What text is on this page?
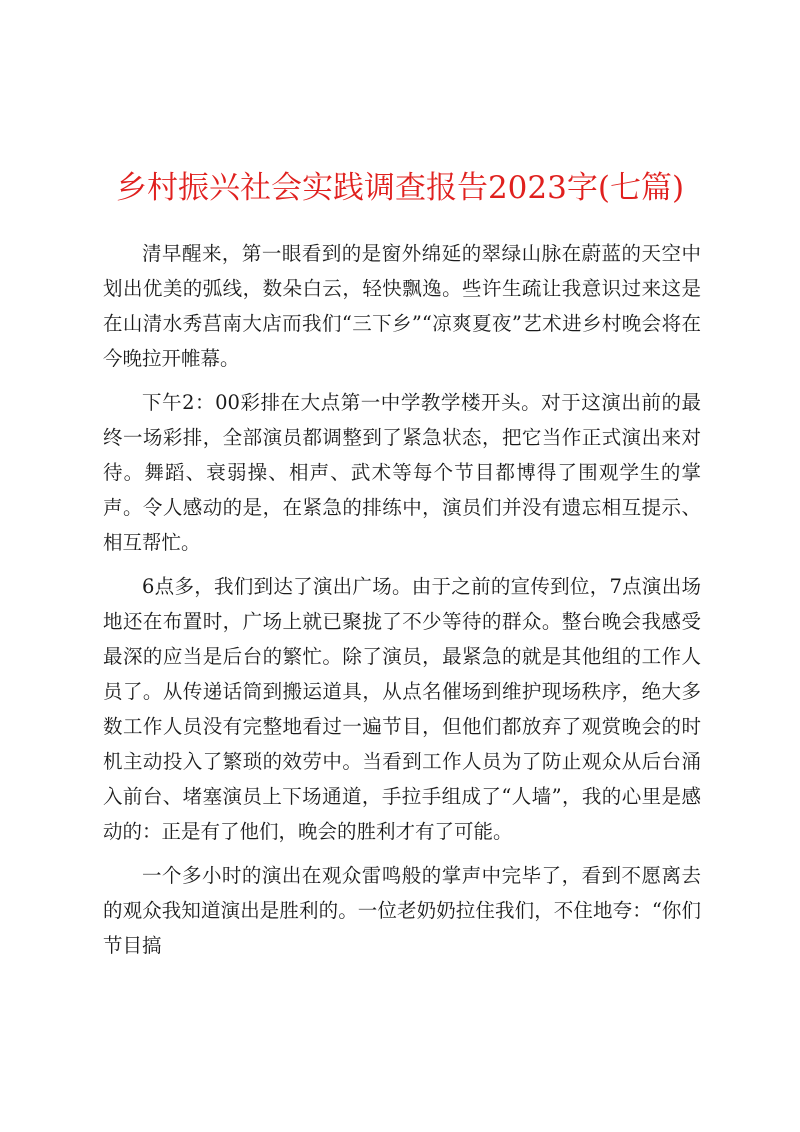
乡村振兴社会实践调查报告2023字(七篇)

清早醒来，第一眼看到的是窗外绵延的翠绿山脉在蔚蓝的天空中划出优美的弧线，数朵白云，轻快飘逸。些许生疏让我意识过来这是在山清水秀莒南大店而我们“三下乡”“凉爽夏夜”艺术进乡村晚会将在今晚拉开帷幕。

下午2：00彩排在大点第一中学教学楼开头。对于这演出前的最终一场彩排，全部演员都调整到了紧急状态，把它当作正式演出来对待。舞蹈、衰弱操、相声、武术等每个节目都博得了围观学生的掌声。令人感动的是，在紧急的排练中，演员们并没有遗忘相互提示、相互帮忙。

6点多，我们到达了演出广场。由于之前的宣传到位，7点演出场地还在布置时，广场上就已聚拢了不少等待的群众。整台晚会我感受最深的应当是后台的繁忙。除了演员，最紧急的就是其他组的工作人员了。从传递话筒到搬运道具，从点名催场到维护现场秩序，绝大多数工作人员没有完整地看过一遍节目，但他们都放弃了观赏晚会的时机主动投入了繁琐的效劳中。当看到工作人员为了防止观众从后台涌入前台、堵塞演员上下场通道，手拉手组成了“人墙”，我的心里是感动的：正是有了他们，晚会的胜利才有了可能。

一个多小时的演出在观众雷鸣般的掌声中完毕了，看到不愿离去的观众我知道演出是胜利的。一位老奶奶拉住我们，不住地夸：“你们节目搞
